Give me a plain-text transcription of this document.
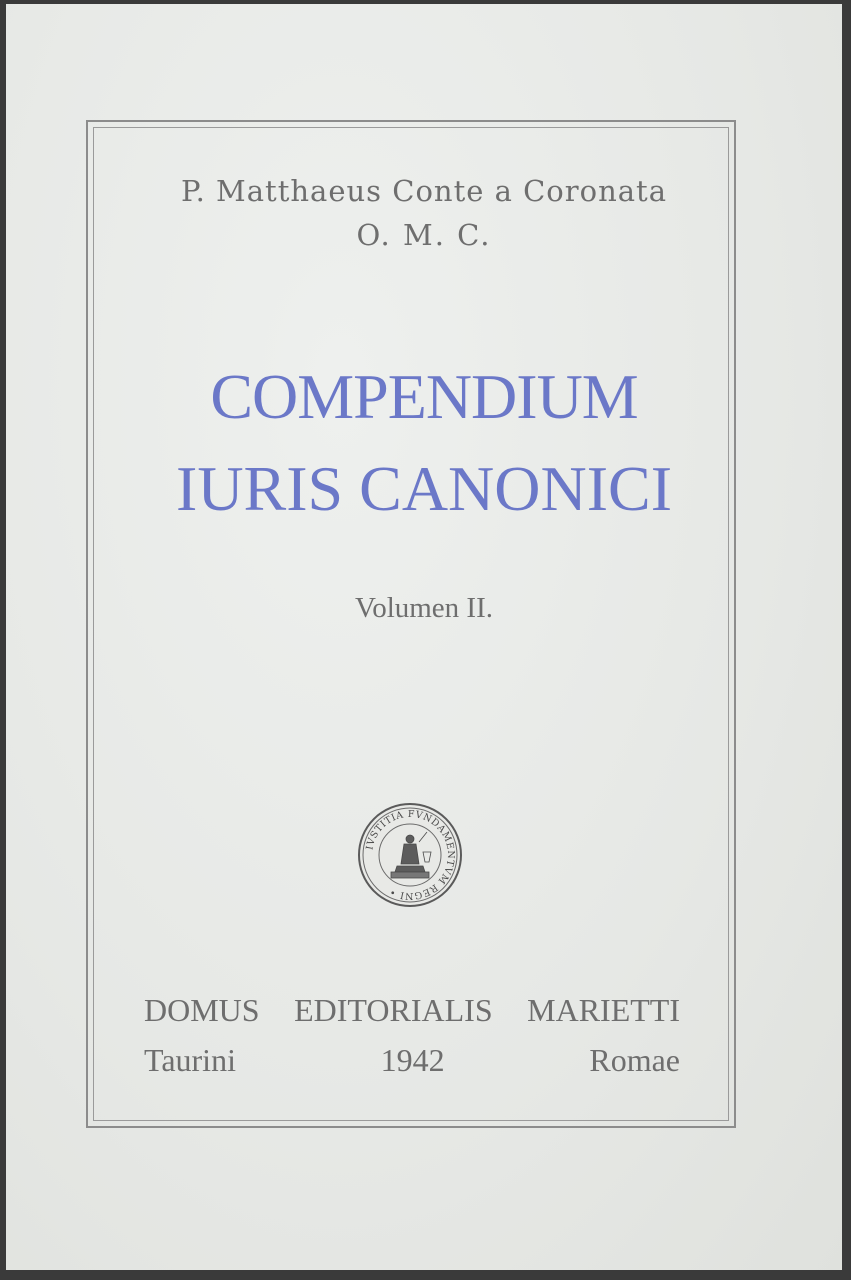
P. Matthaeus Conte a Coronata
O. M. C.
COMPENDIUM
IURIS CANONICI
Volumen II.
IVSTITIA FVNDAMENTVM REGNI •
DOMUS EDITORIALIS MARIETTI
Taurini	1942	Romae
